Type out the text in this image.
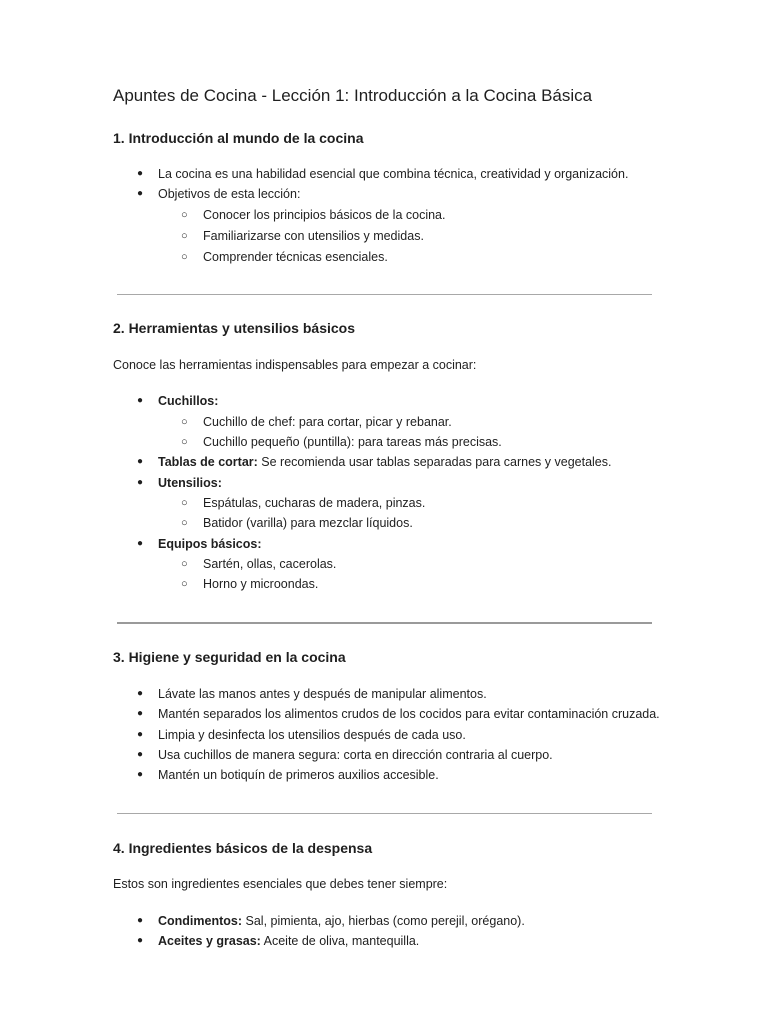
Apuntes de Cocina - Lección 1: Introducción a la Cocina Básica
1. Introducción al mundo de la cocina
● La cocina es una habilidad esencial que combina técnica, creatividad y organización.
● Objetivos de esta lección:
○ Conocer los principios básicos de la cocina.
○ Familiarizarse con utensilios y medidas.
○ Comprender técnicas esenciales.
2. Herramientas y utensilios básicos

Conoce las herramientas indispensables para empezar a cocinar:

● Cuchillos:
○ Cuchillo de chef: para cortar, picar y rebanar.
○ Cuchillo pequeño (puntilla): para tareas más precisas.
● Tablas de cortar: Se recomienda usar tablas separadas para carnes y vegetales.
● Utensilios:
○ Espátulas, cucharas de madera, pinzas.
○ Batidor (varilla) para mezclar líquidos.
● Equipos básicos:
○ Sartén, ollas, cacerolas.
○ Horno y microondas.
3. Higiene y seguridad en la cocina
● Lávate las manos antes y después de manipular alimentos.
● Mantén separados los alimentos crudos de los cocidos para evitar contaminación cruzada.
● Limpia y desinfecta los utensilios después de cada uso.
● Usa cuchillos de manera segura: corta en dirección contraria al cuerpo.
● Mantén un botiquín de primeros auxilios accesible.
4. Ingredientes básicos de la despensa

Estos son ingredientes esenciales que debes tener siempre:

● Condimentos: Sal, pimienta, ajo, hierbas (como perejil, orégano).
● Aceites y grasas: Aceite de oliva, mantequilla.
